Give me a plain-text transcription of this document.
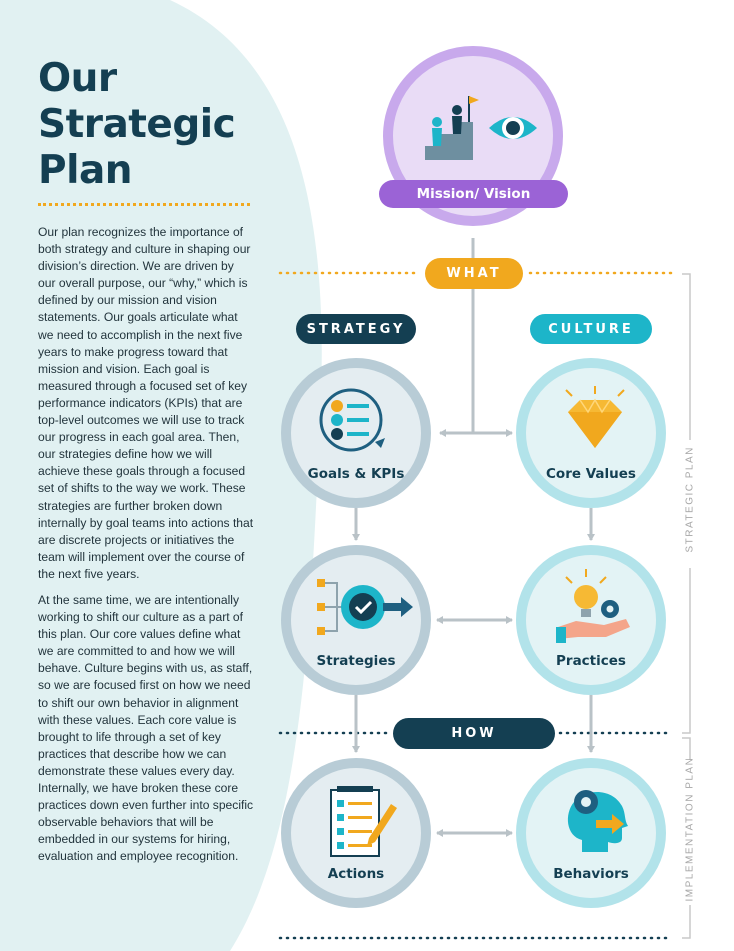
Our
Strategic
Plan

Our plan recognizes the importance of both strategy and culture in shaping our division’s direction. We are driven by our overall purpose, our “why,” which is defined by our mission and vision statements. Our goals articulate what we need to accomplish in the next five years to make progress toward that mission and vision. Each goal is measured through a focused set of key performance indicators (KPIs) that are top-level outcomes we will use to track our progress in each goal area. Then, our strategies define how we will achieve these goals through a focused set of shifts to the way we work. These strategies are further broken down internally by goal teams into actions that are discrete projects or initiatives the team will implement over the course of the next five years.

At the same time, we are intentionally working to shift our culture as a part of this plan. Our core values define what we are committed to and how we will behave. Culture begins with us, as staff, so we are focused first on how we need to shift our own behavior in alignment with these values. Each core value is brought to life through a set of key practices that describe how we can demonstrate these values every day. Internally, we have broken these core practices down even further into specific observable behaviors that will be embedded in our systems for hiring, evaluation and employee recognition.

Mission/ Vision
WHAT
STRATEGY	CULTURE
HOW
Goals & KPIs	Core Values
Strategies	Practices
Actions	Behaviors
STRATEGIC PLAN
IMPLEMENTATION PLAN
